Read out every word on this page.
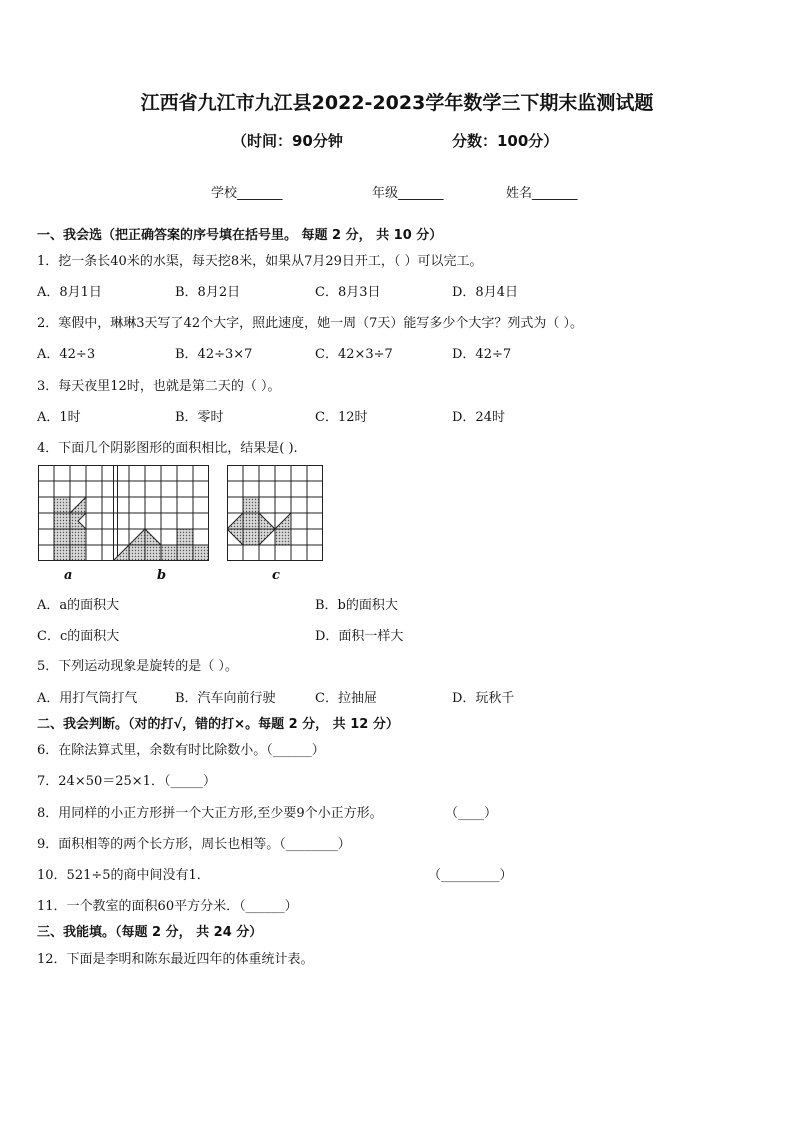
江西省九江市九江县2022-2023学年数学三下期末监测试题
（时间：90分钟	分数：100分）
学校_______	年级_______	姓名_______
一、我会选（把正确答案的序号填在括号里。 每题 2 分， 共 10 分）
1．挖一条长40米的水渠，每天挖8米，如果从7月29日开工，（ ）可以完工。
A．8月1日	B．8月2日	C．8月3日	D．8月4日
2．寒假中，琳琳3天写了42个大字，照此速度，她一周（7天）能写多少个大字？列式为（ ）。
A．42÷3	B．42÷3×7	C．42×3÷7	D．42÷7
3．每天夜里12时，也就是第二天的（ ）。
A．1时	B．零时	C．12时	D．24时
4．下面几个阴影图形的面积相比，结果是( ).
a	b	c
A．a的面积大	B．b的面积大
C．c的面积大	D．面积一样大
5．下列运动现象是旋转的是（ ）。
A．用打气筒打气	B．汽车向前行驶	C．拉抽屉	D．玩秋千
二、我会判断。（对的打√，错的打×。每题 2 分， 共 12 分）
6．在除法算式里，余数有时比除数小。（______）
7．24×50＝25×1．（_____）
8．用同样的小正方形拼一个大正方形,至少要9个小正方形。	（____）
9．面积相等的两个长方形，周长也相等。（________）
10．521÷5的商中间没有1．	（_________）
11．一个教室的面积60平方分米．（______）
三、我能填。（每题 2 分， 共 24 分）
12．下面是李明和陈东最近四年的体重统计表。
